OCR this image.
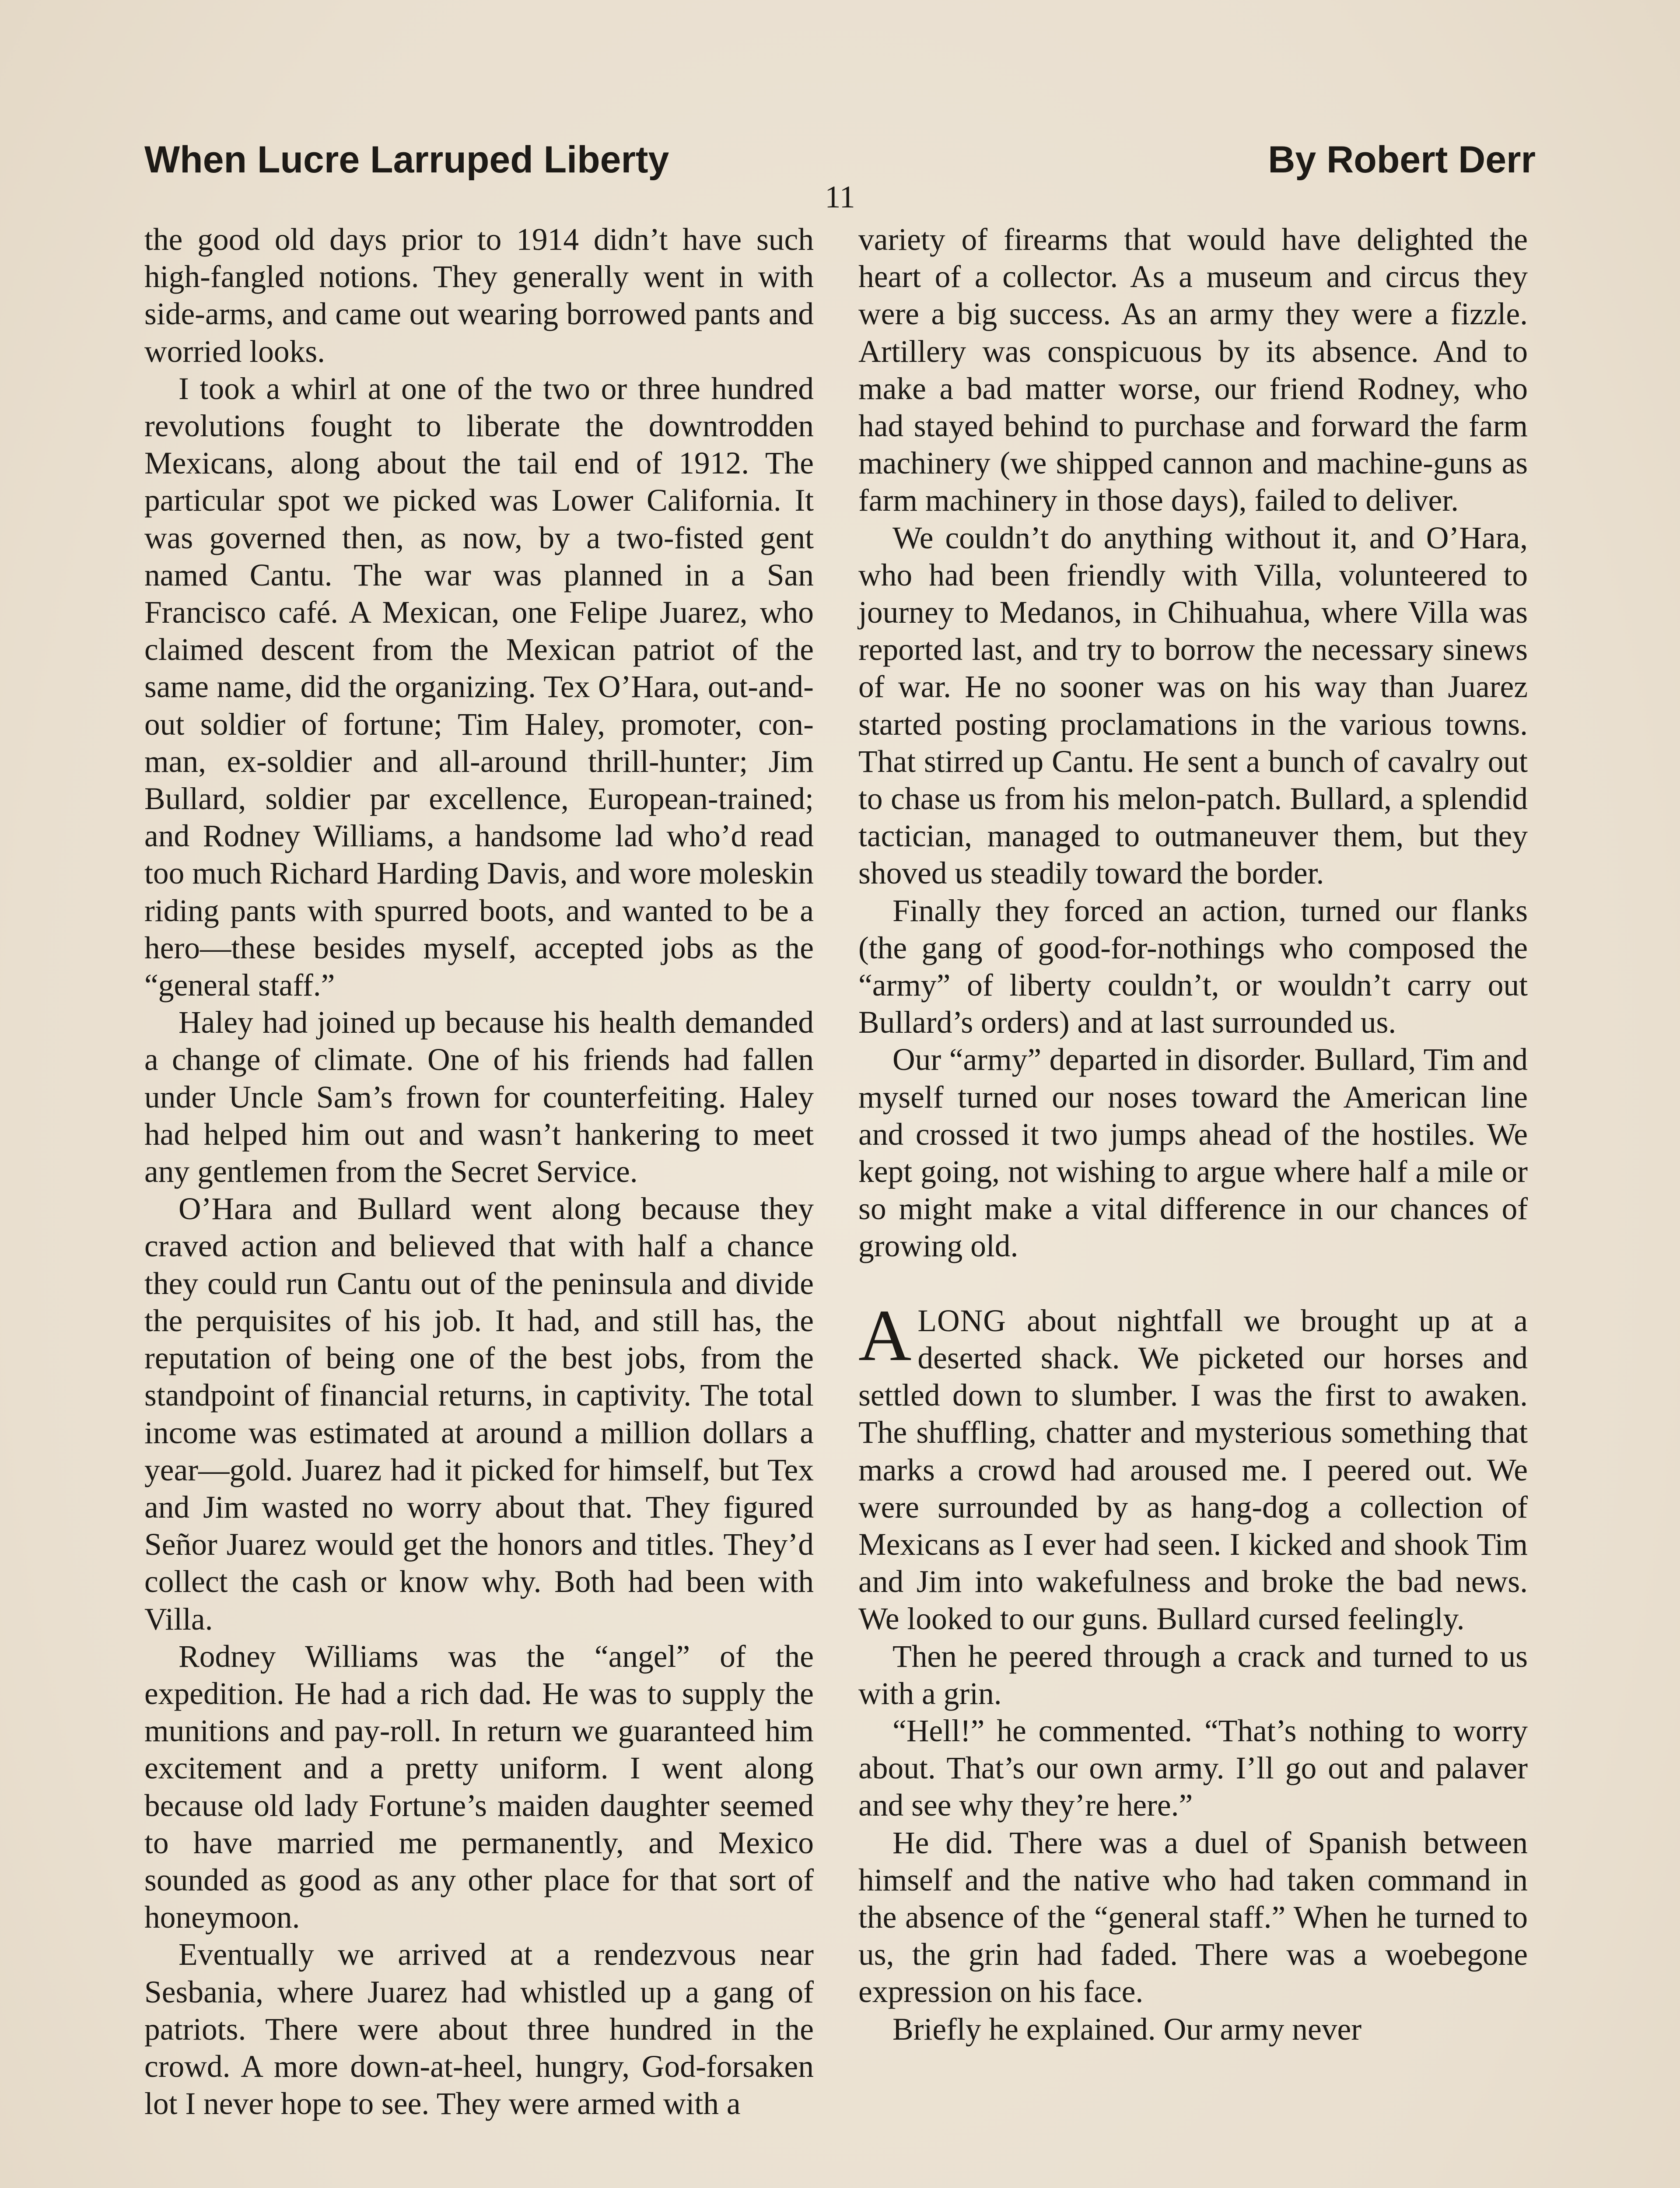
When Lucre Larruped Liberty	By Robert Derr
11

the good old days prior to 1914 didn’t have such high-fangled notions. They generally went in with side-arms, and came out wearing borrowed pants and worried looks.

I took a whirl at one of the two or three hundred revolutions fought to liberate the downtrodden Mexicans, along about the tail end of 1912. The particular spot we picked was Lower California. It was governed then, as now, by a two-fisted gent named Cantu. The war was planned in a San Francisco café. A Mexican, one Felipe Juarez, who claimed descent from the Mexican patriot of the same name, did the organizing. Tex O’Hara, out-and-out soldier of fortune; Tim Haley, promoter, con-man, ex-soldier and all-around thrill-hunter; Jim Bullard, soldier par excellence, European-trained; and Rodney Williams, a handsome lad who’d read too much Richard Harding Davis, and wore moleskin riding pants with spurred boots, and wanted to be a hero—these besides myself, accepted jobs as the “general staff.”

Haley had joined up because his health demanded a change of climate. One of his friends had fallen under Uncle Sam’s frown for counterfeiting. Haley had helped him out and wasn’t hankering to meet any gentlemen from the Secret Service.

O’Hara and Bullard went along because they craved action and believed that with half a chance they could run Cantu out of the peninsula and divide the perquisites of his job. It had, and still has, the reputation of being one of the best jobs, from the standpoint of financial returns, in captivity. The total income was estimated at around a million dollars a year—gold. Juarez had it picked for himself, but Tex and Jim wasted no worry about that. They figured Señor Juarez would get the honors and titles. They’d collect the cash or know why. Both had been with Villa.

Rodney Williams was the “angel” of the expedition. He had a rich dad. He was to supply the munitions and pay-roll. In return we guaranteed him excitement and a pretty uniform. I went along because old lady Fortune’s maiden daughter seemed to have married me permanently, and Mexico sounded as good as any other place for that sort of honeymoon.

Eventually we arrived at a rendezvous near Sesbania, where Juarez had whistled up a gang of patriots. There were about three hundred in the crowd. A more down-at-heel, hungry, God-forsaken lot I never hope to see. They were armed with a

variety of firearms that would have delighted the heart of a collector. As a museum and circus they were a big success. As an army they were a fizzle. Artillery was conspicuous by its absence. And to make a bad matter worse, our friend Rodney, who had stayed behind to purchase and forward the farm machinery (we shipped cannon and machine-guns as farm machinery in those days), failed to deliver.

We couldn’t do anything without it, and O’Hara, who had been friendly with Villa, volunteered to journey to Medanos, in Chihuahua, where Villa was reported last, and try to borrow the necessary sinews of war. He no sooner was on his way than Juarez started posting proclamations in the various towns. That stirred up Cantu. He sent a bunch of cavalry out to chase us from his melon-patch. Bullard, a splendid tactician, managed to outmaneuver them, but they shoved us steadily toward the border.

Finally they forced an action, turned our flanks (the gang of good-for-nothings who composed the “army” of liberty couldn’t, or wouldn’t carry out Bullard’s orders) and at last surrounded us.

Our “army” departed in disorder. Bullard, Tim and myself turned our noses toward the American line and crossed it two jumps ahead of the hostiles. We kept going, not wishing to argue where half a mile or so might make a vital difference in our chances of growing old.

ALONG about nightfall we brought up at a deserted shack. We picketed our horses and settled down to slumber. I was the first to awaken. The shuffling, chatter and mysterious something that marks a crowd had aroused me. I peered out. We were surrounded by as hang-dog a collection of Mexicans as I ever had seen. I kicked and shook Tim and Jim into wakefulness and broke the bad news. We looked to our guns. Bullard cursed feelingly.

Then he peered through a crack and turned to us with a grin.

“Hell!” he commented. “That’s nothing to worry about. That’s our own army. I’ll go out and palaver and see why they’re here.”

He did. There was a duel of Spanish between himself and the native who had taken command in the absence of the “general staff.” When he turned to us, the grin had faded. There was a woebegone expression on his face.

Briefly he explained. Our army never
